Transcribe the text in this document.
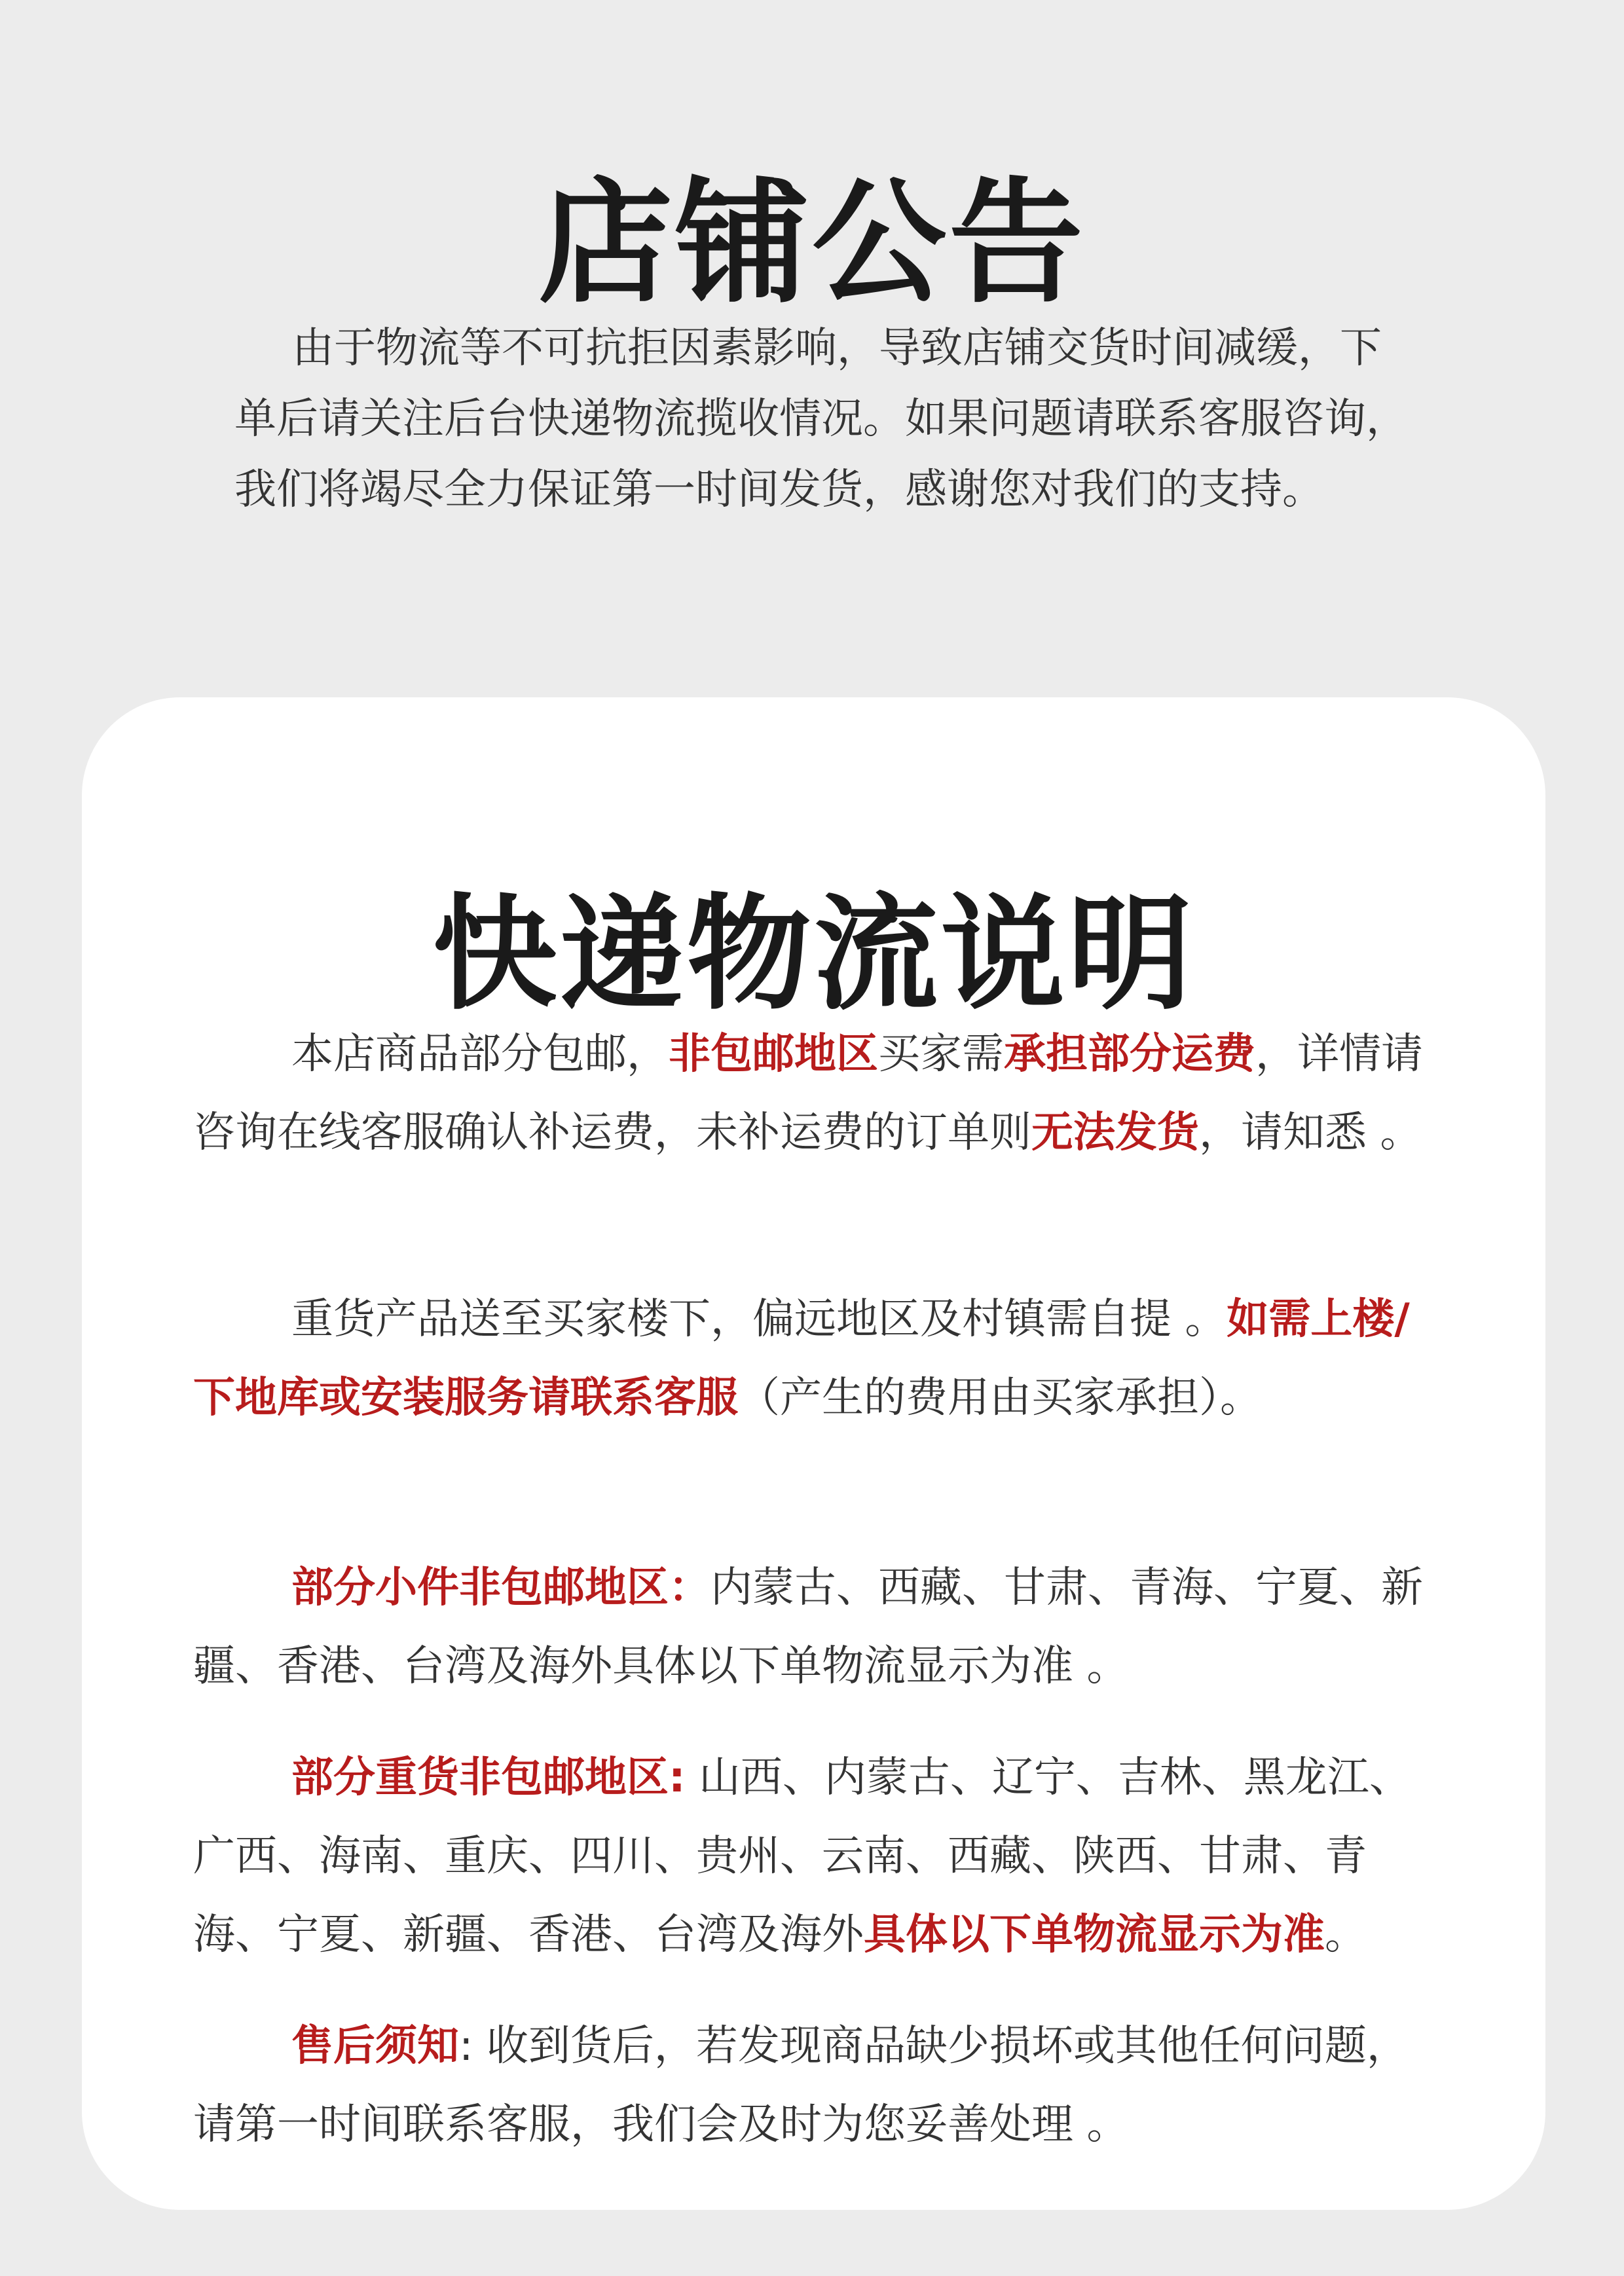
店铺公告

由于物流等不可抗拒因素影响，导致店铺交货时间减缓，下单后请关注后台快递物流揽收情况。如果问题请联系客服咨询，我们将竭尽全力保证第一时间发货，感谢您对我们的支持。

快递物流说明

本店商品部分包邮，非包邮地区买家需承担部分运费，详情请咨询在线客服确认补运费，未补运费的订单则无法发货，请知悉 。

重货产品送至买家楼下，偏远地区及村镇需自提 。如需上楼/下地库或安装服务请联系客服（产生的费用由买家承担）。

部分小件非包邮地区：内蒙古、西藏、甘肃、青海、宁夏、新疆、香港、台湾及海外具体以下单物流显示为准 。

部分重货非包邮地区: 山西、内蒙古、辽宁、吉林、黑龙江、广西、海南、重庆、四川、贵州、云南、西藏、陕西、甘肃、青海、宁夏、新疆、香港、台湾及海外具体以下单物流显示为准。

售后须知: 收到货后，若发现商品缺少损坏或其他任何问题，请第一时间联系客服，我们会及时为您妥善处理 。
